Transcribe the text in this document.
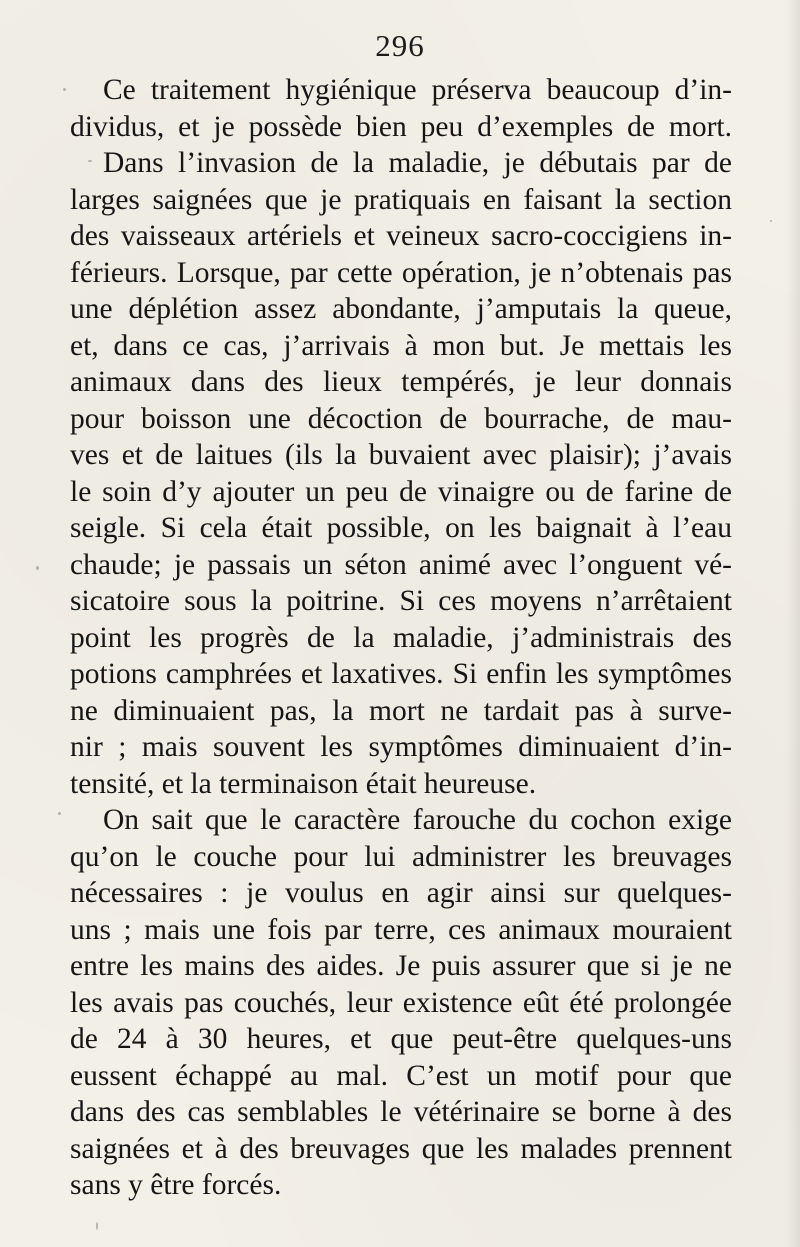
296
Ce traitement hygiénique préserva beaucoup d’in-
dividus, et je possède bien peu d’exemples de mort.
Dans l’invasion de la maladie, je débutais par de
larges saignées que je pratiquais en faisant la section
des vaisseaux artériels et veineux sacro-coccigiens in-
férieurs. Lorsque, par cette opération, je n’obtenais pas
une déplétion assez abondante, j’amputais la queue,
et, dans ce cas, j’arrivais à mon but. Je mettais les
animaux dans des lieux tempérés, je leur donnais
pour boisson une décoction de bourrache, de mau-
ves et de laitues (ils la buvaient avec plaisir); j’avais
le soin d’y ajouter un peu de vinaigre ou de farine de
seigle. Si cela était possible, on les baignait à l’eau
chaude; je passais un séton animé avec l’onguent vé-
sicatoire sous la poitrine. Si ces moyens n’arrêtaient
point les progrès de la maladie, j’administrais des
potions camphrées et laxatives. Si enfin les symptômes
ne diminuaient pas, la mort ne tardait pas à surve-
nir ; mais souvent les symptômes diminuaient d’in-
tensité, et la terminaison était heureuse.
On sait que le caractère farouche du cochon exige
qu’on le couche pour lui administrer les breuvages
nécessaires : je voulus en agir ainsi sur quelques-
uns ; mais une fois par terre, ces animaux mouraient
entre les mains des aides. Je puis assurer que si je ne
les avais pas couchés, leur existence eût été prolongée
de 24 à 30 heures, et que peut-être quelques-uns
eussent échappé au mal. C’est un motif pour que
dans des cas semblables le vétérinaire se borne à des
saignées et à des breuvages que les malades prennent
sans y être forcés.
